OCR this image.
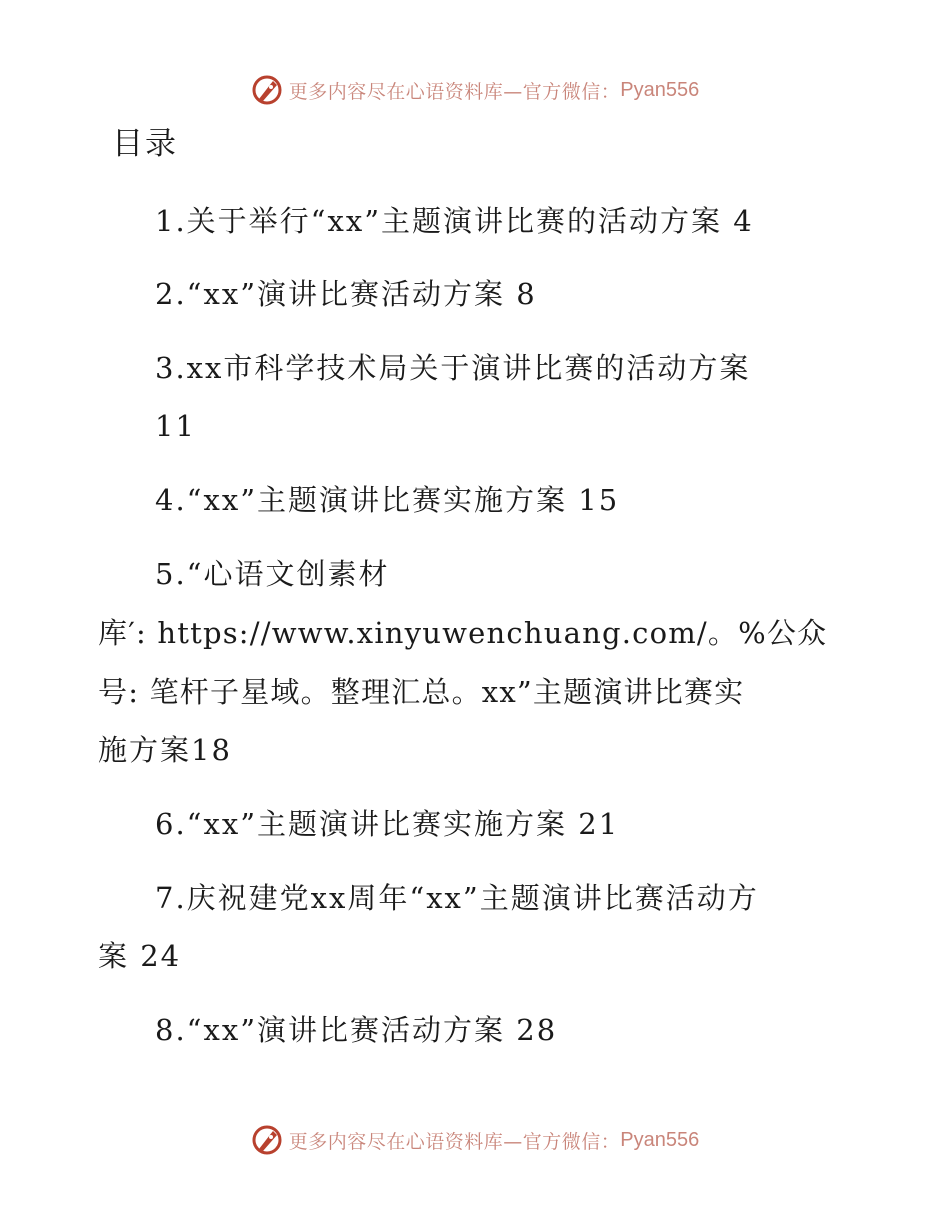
更多内容尽在心语资料库—官方微信： Pyan556
目录
1.关于举行“xx”主题演讲比赛的活动方案 4
2.“xx”演讲比赛活动方案 8
3.xx市科学技术局关于演讲比赛的活动方案
11
4.“xx”主题演讲比赛实施方案 15
5.“心语文创素材
库′: https://www.xinyuwenchuang.com/。%公众
号: 笔杆子星域。整理汇总。xx”主题演讲比赛实
施方案18
6.“xx”主题演讲比赛实施方案 21
7.庆祝建党xx周年“xx”主题演讲比赛活动方
案 24
8.“xx”演讲比赛活动方案 28
更多内容尽在心语资料库—官方微信： Pyan556
